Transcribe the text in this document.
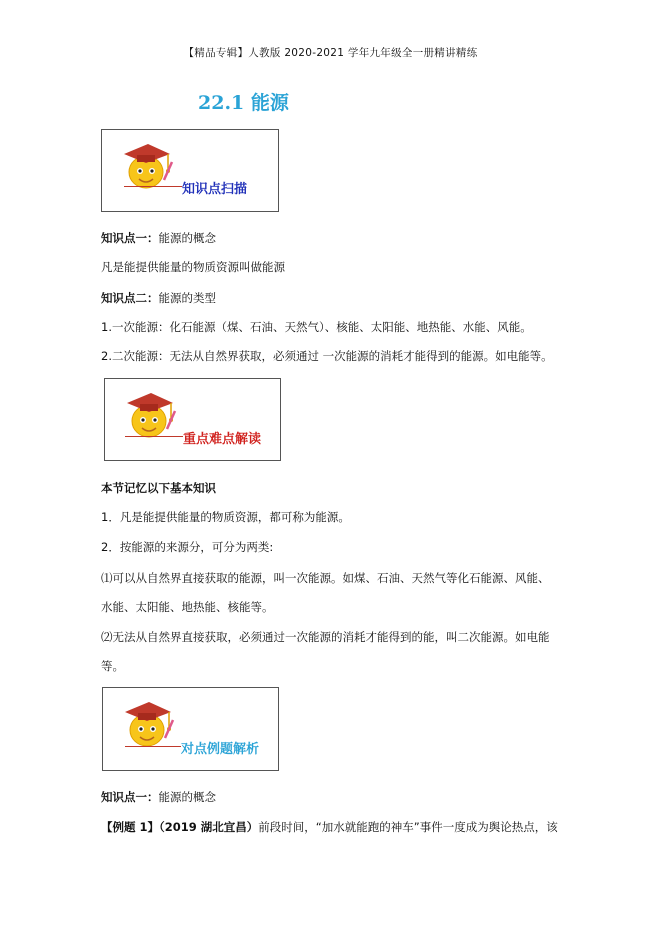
【精品专辑】人教版 2020-2021 学年九年级全一册精讲精练
22.1 能源
知识点扫描
知识点一：能源的概念
凡是能提供能量的物质资源叫做能源
知识点二：能源的类型
1.一次能源：化石能源（煤、石油、天然气）、核能、太阳能、地热能、水能、风能。
2.二次能源：无法从自然界获取，必须通过 一次能源的消耗才能得到的能源。如电能等。
重点难点解读
本节记忆以下基本知识
1．凡是能提供能量的物质资源，都可称为能源。
2．按能源的来源分，可分为两类:
⑴可以从自然界直接获取的能源，叫一次能源。如煤、石油、天然气等化石能源、风能、
水能、太阳能、地热能、核能等。
⑵无法从自然界直接获取，必须通过一次能源的消耗才能得到的能，叫二次能源。如电能
等。
对点例题解析
知识点一：能源的概念
【例题 1】（2019 湖北宜昌）前段时间，“加水就能跑的神车”事件一度成为舆论热点，该
